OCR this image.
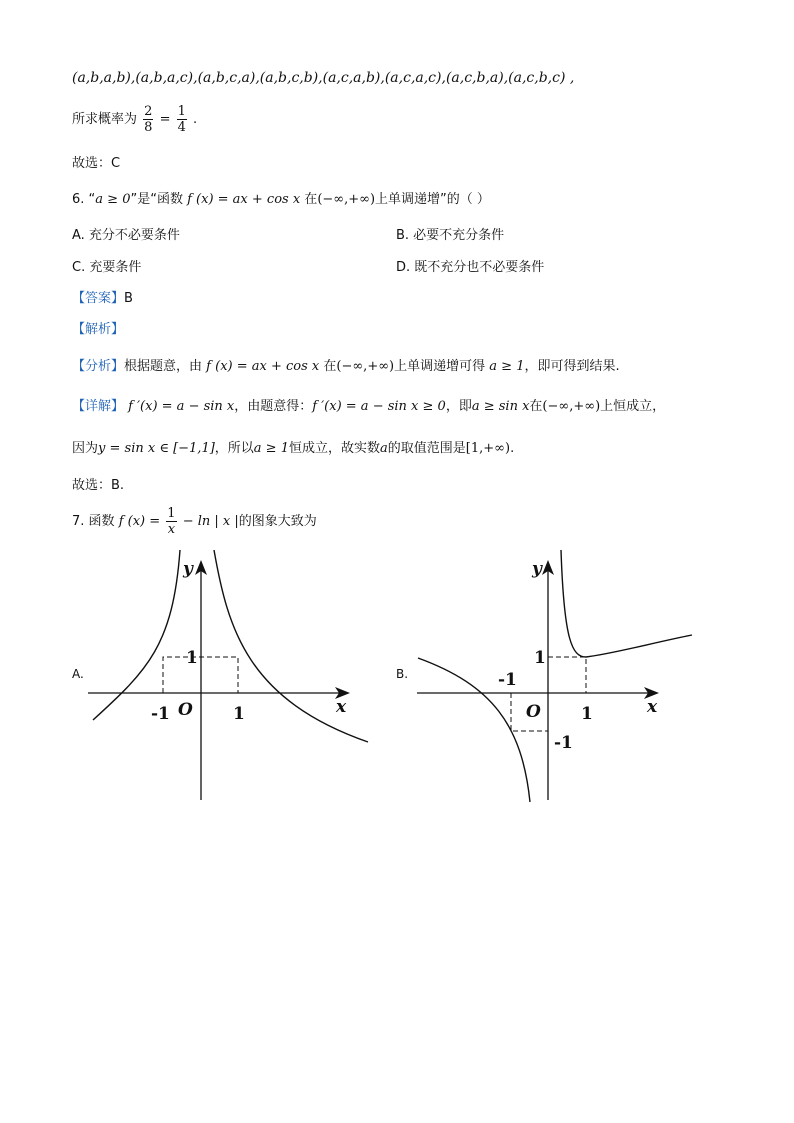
(a,b,a,b),(a,b,a,c),(a,b,c,a),(a,b,c,b),(a,c,a,b),(a,c,a,c),(a,c,b,a),(a,c,b,c) ,
所求概率为 $\frac{2}{8} = \frac{1}{4}$ .
故选：C
6. “a ≥ 0”是“函数 f (x) = ax + cos x 在(−∞,+∞)上单调递增”的（ ）
A. 充分不必要条件	B. 必要不充分条件
C. 充要条件	D. 既不充分也不必要条件
【答案】B
【解析】
【分析】根据题意，由 f (x) = ax + cos x 在(−∞,+∞)上单调递增可得 a ≥ 1，即可得到结果.
【详解】 f ′(x) = a − sin x，由题意得：f ′(x) = a − sin x ≥ 0，即a ≥ sin x在(−∞,+∞)上恒成立，
因为y = sin x ∈ [−1,1]，所以a ≥ 1恒成立，故实数a的取值范围是[1,+∞).
故选：B.
7. 函数 f $(x) = \frac{1}{x} - \ln$ | x |的图象大致为
A.
y
x
O
1
-1	1
B.
y
x
O
1
-1
1
-1
